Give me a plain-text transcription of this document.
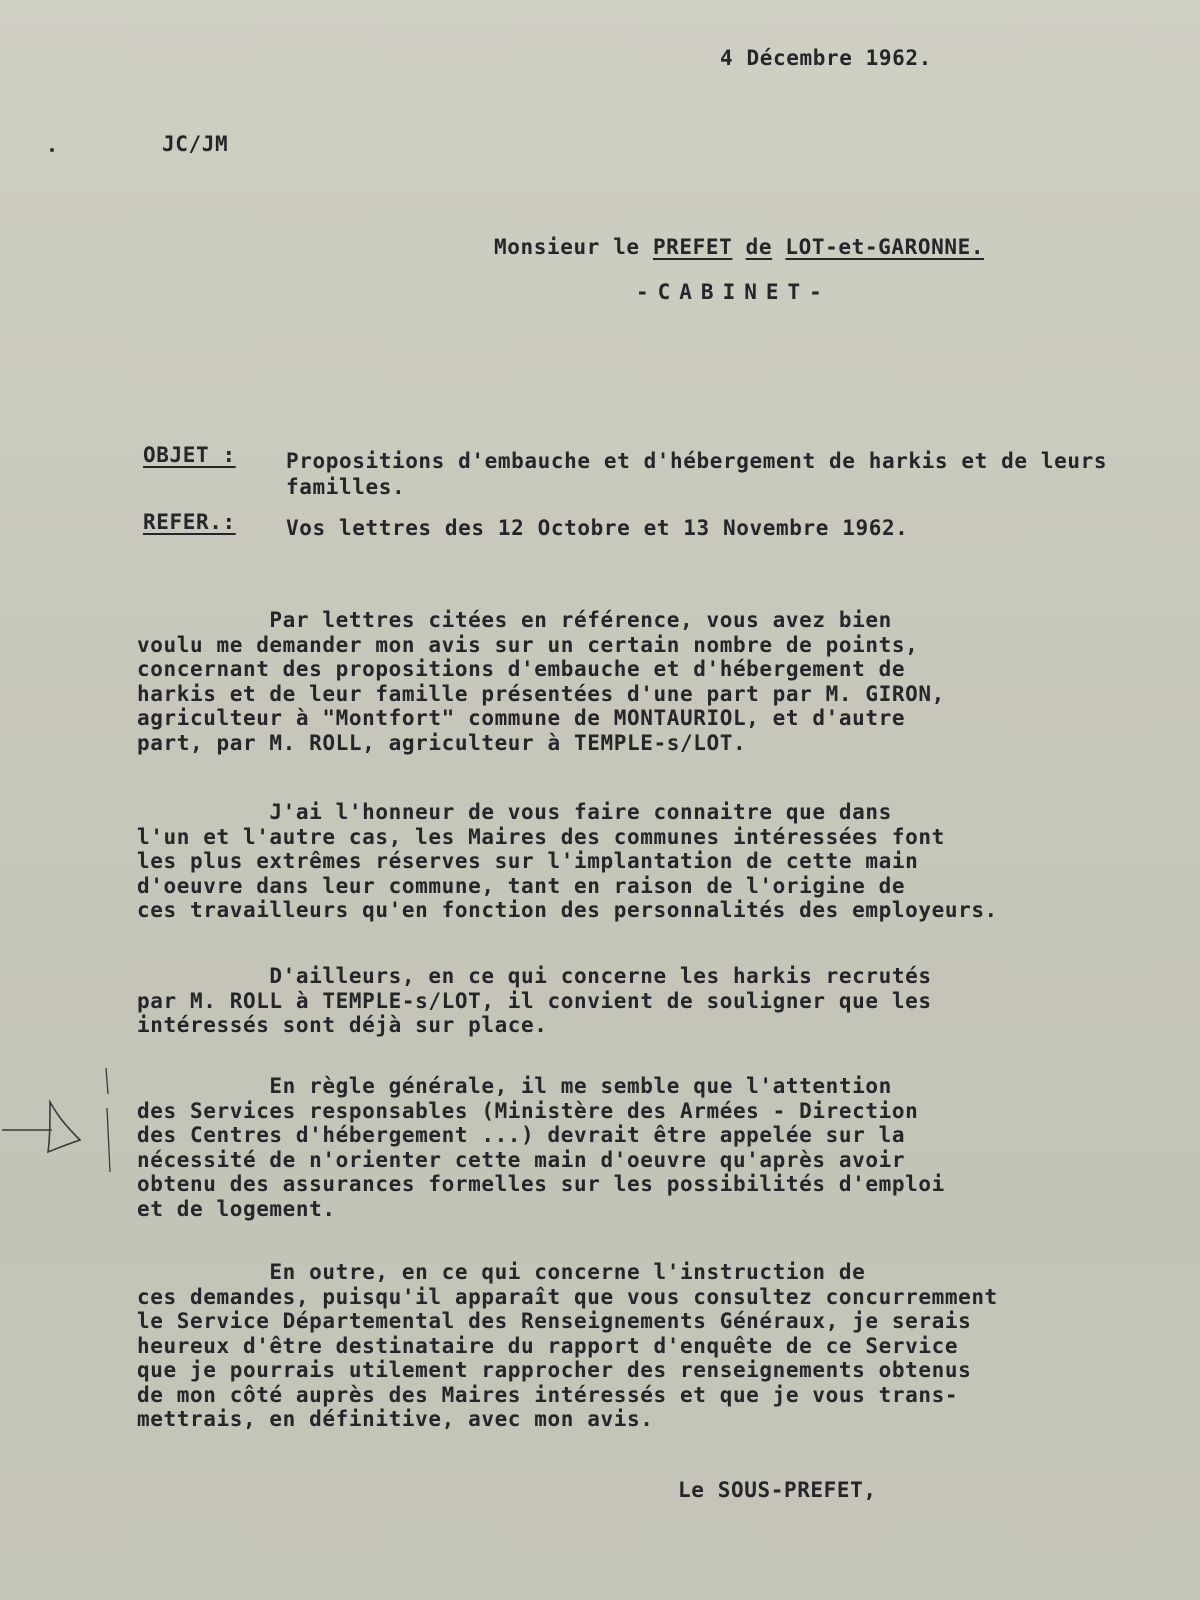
4 Décembre 1962.

JC/JM

Monsieur le PREFET de LOT-et-GARONNE.

-CABINET-

OBJET : Propositions d'embauche et d'hébergement de harkis et de leurs familles.

REFER.: Vos lettres des 12 Octobre et 13 Novembre 1962.

Par lettres citées en référence, vous avez bien
voulu me demander mon avis sur un certain nombre de points,
concernant des propositions d'embauche et d'hébergement de
harkis et de leur famille présentées d'une part par M. GIRON,
agriculteur à "Montfort" commune de MONTAURIOL, et d'autre
part, par M. ROLL, agriculteur à TEMPLE-s/LOT.

J'ai l'honneur de vous faire connaitre que dans
l'un et l'autre cas, les Maires des communes intéressées font
les plus extrêmes réserves sur l'implantation de cette main
d'oeuvre dans leur commune, tant en raison de l'origine de
ces travailleurs qu'en fonction des personnalités des employeurs.

D'ailleurs, en ce qui concerne les harkis recrutés
par M. ROLL à TEMPLE-s/LOT, il convient de souligner que les
intéressés sont déjà sur place.

En règle générale, il me semble que l'attention
des Services responsables (Ministère des Armées - Direction
des Centres d'hébergement ...) devrait être appelée sur la
nécessité de n'orienter cette main d'oeuvre qu'après avoir
obtenu des assurances formelles sur les possibilités d'emploi
et de logement.

En outre, en ce qui concerne l'instruction de
ces demandes, puisqu'il apparaît que vous consultez concurremment
le Service Départemental des Renseignements Généraux, je serais
heureux d'être destinataire du rapport d'enquête de ce Service
que je pourrais utilement rapprocher des renseignements obtenus
de mon côté auprès des Maires intéressés et que je vous trans-
mettrais, en définitive, avec mon avis.

Le SOUS-PREFET,
